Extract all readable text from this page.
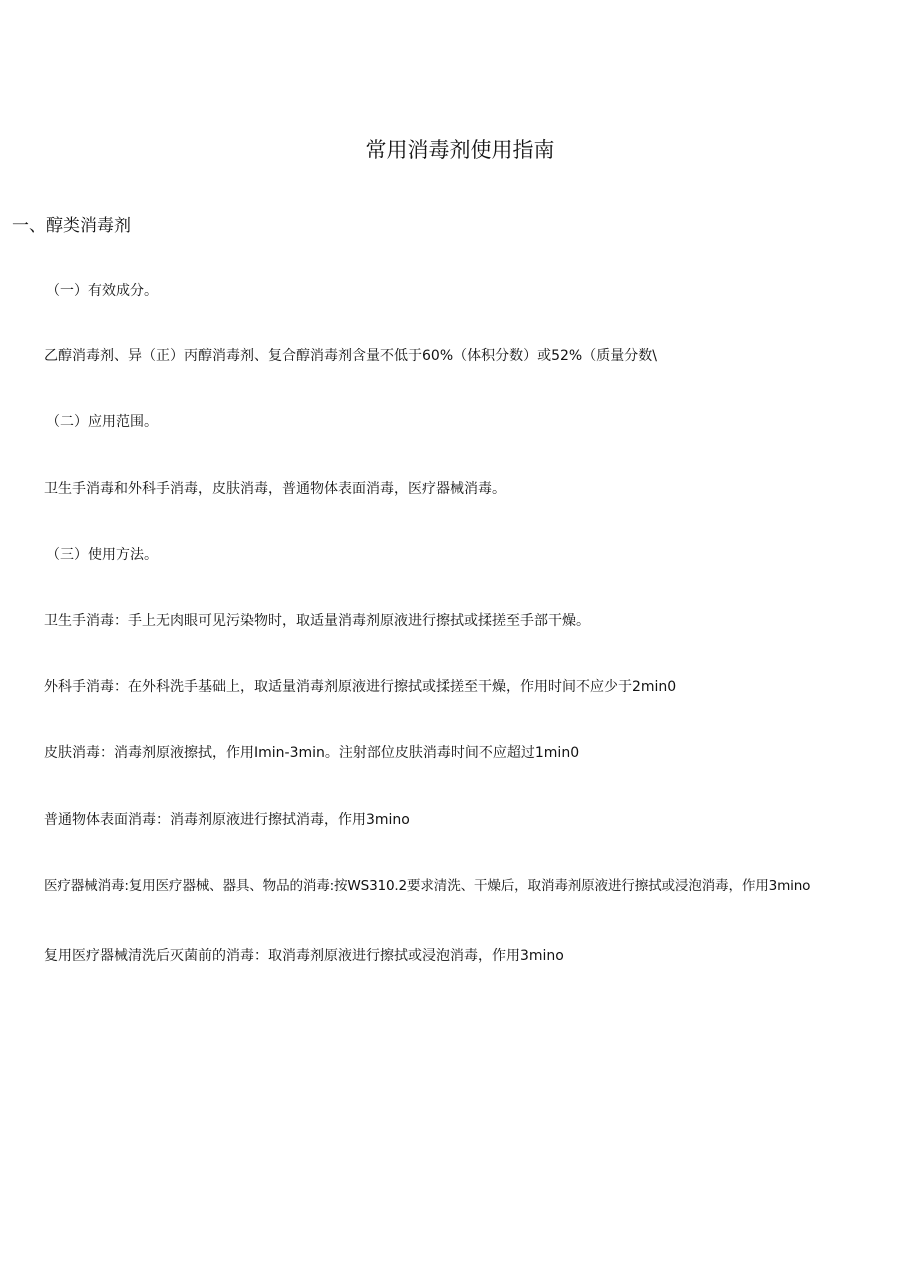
常用消毒剂使用指南
一、醇类消毒剂
（一）有效成分。
乙醇消毒剂、异（正）丙醇消毒剂、复合醇消毒剂含量不低于60%（体积分数）或52%（质量分数\
（二）应用范围。
卫生手消毒和外科手消毒，皮肤消毒，普通物体表面消毒，医疗器械消毒。
（三）使用方法。
卫生手消毒：手上无肉眼可见污染物时，取适量消毒剂原液进行擦拭或揉搓至手部干燥。
外科手消毒：在外科洗手基础上，取适量消毒剂原液进行擦拭或揉搓至干燥，作用时间不应少于2min0
皮肤消毒：消毒剂原液擦拭，作用Imin-3min。注射部位皮肤消毒时间不应超过1min0
普通物体表面消毒：消毒剂原液进行擦拭消毒，作用3mino
医疗器械消毒:复用医疗器械、器具、物品的消毒:按WS310.2要求清洗、干燥后，取消毒剂原液进行擦拭或浸泡消毒，作用3mino
复用医疗器械清洗后灭菌前的消毒：取消毒剂原液进行擦拭或浸泡消毒，作用3mino
